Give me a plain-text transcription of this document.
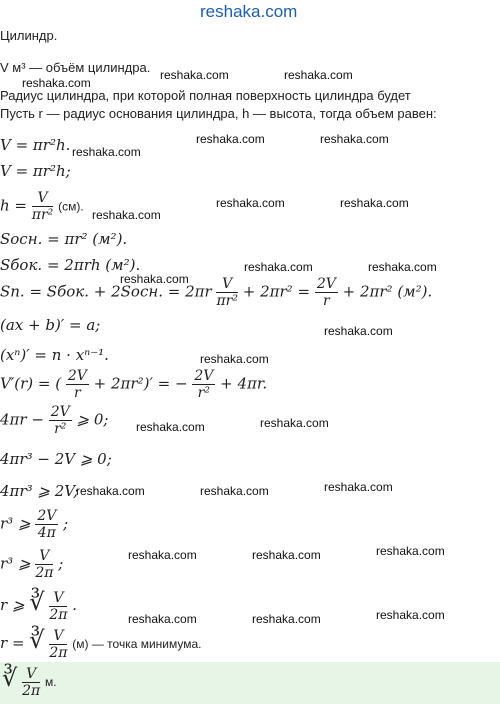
reshaka.com
Цилиндр.
V м³ — объём цилиндра.
Радиус цилиндра, при которой полная поверхность цилиндра будет
Пусть r — радиус основания цилиндра, h — высота, тогда объем равен:
V = πr²h.
V = πr²h;
$h = \frac{V}{\text{πr²}} (см)$.
Sосн. = πr² (м²).
Sбок. = 2πrh (м²).
Sп. = Sбок. + 2Sосн. = $2\pi r \frac{V}{\text{πr²}} + 2\pi r^2 = \frac{2V}{r} + 2\pi r^2$ (м²).
(ax + b)′ = a;
(xⁿ)′ = n · xⁿ⁻¹.
V′(r) = ( $\frac{2V}{r} + 2\pi r^2)'$ = − $\frac{2V}{\text{r²}} + 4\pi r$.
$4\pi r - \frac{2V}{\text{r²}}$ ⩾ 0;
4πr³ − 2V ⩾ 0;
4πr³ ⩾ 2V;
r³ ⩾ $\frac{2V}{4\pi}$ ;
r³ ⩾ $\frac{V}{2\pi}$ ;
r ⩾ ∛ $\frac{V}{2\pi}$ .
r = ∛ $\frac{V}{2\pi} (м)$ — точка минимума.
∛ $\frac{V}{2\pi} м$.
reshaka.com
reshaka.com	reshaka.com
reshaka.com
reshaka.com	reshaka.com
reshaka.com
reshaka.com	reshaka.com
reshaka.com
reshaka.com	reshaka.com
reshaka.com
reshaka.com
reshaka.com	reshaka.com
reshaka.com	reshaka.com	reshaka.com
reshaka.com	reshaka.com	reshaka.com
reshaka.com	reshaka.com	reshaka.com
